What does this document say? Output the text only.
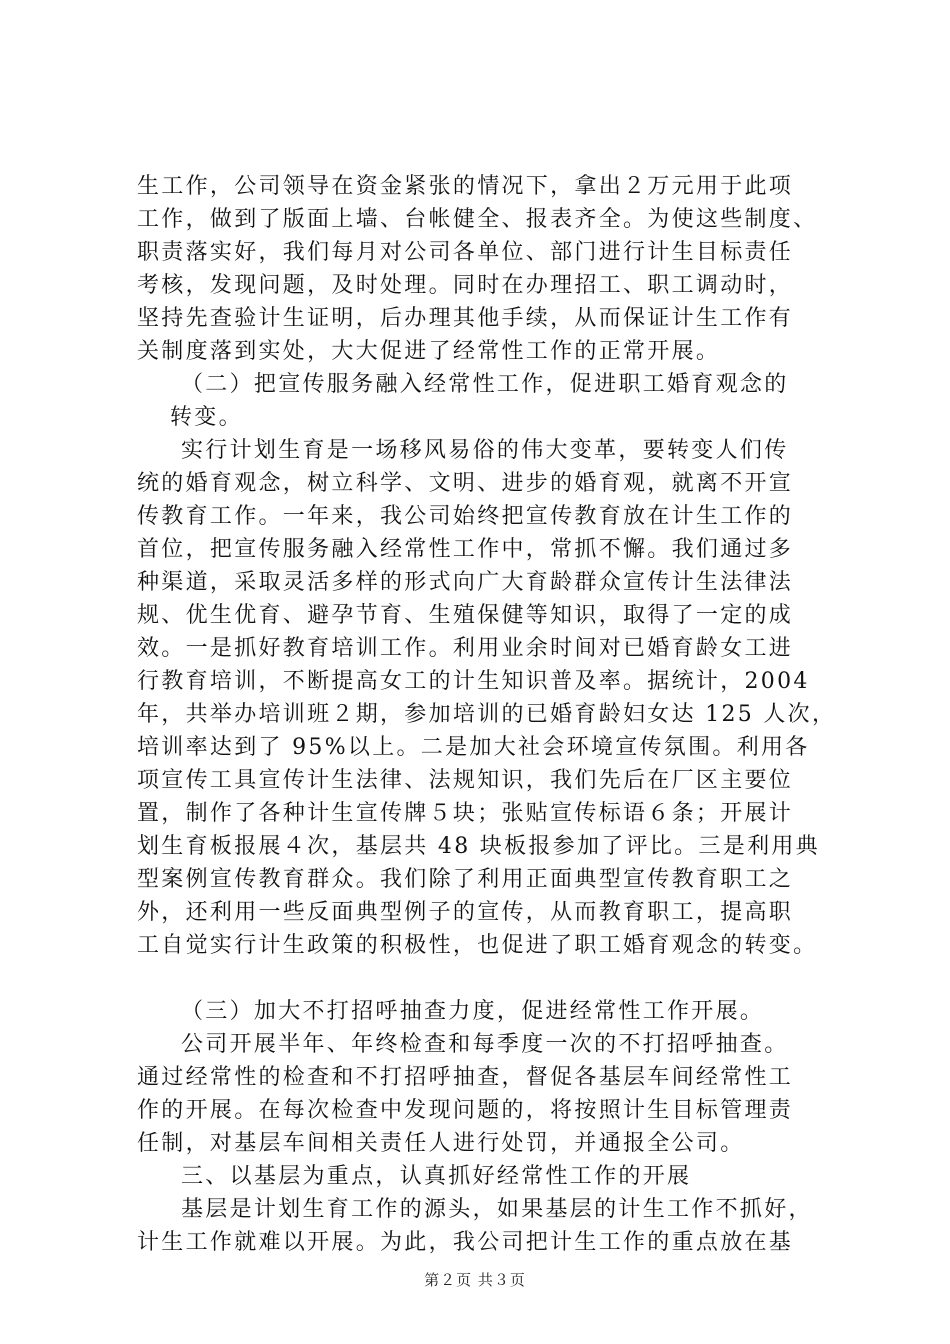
生工作，公司领导在资金紧张的情况下，拿出２万元用于此项
工作，做到了版面上墙、台帐健全、报表齐全。为使这些制度、
职责落实好，我们每月对公司各单位、部门进行计生目标责任
考核，发现问题，及时处理。同时在办理招工、职工调动时，
坚持先查验计生证明，后办理其他手续，从而保证计生工作有
关制度落到实处，大大促进了经常性工作的正常开展。
（二）把宣传服务融入经常性工作，促进职工婚育观念的
转变。
实行计划生育是一场移风易俗的伟大变革，要转变人们传
统的婚育观念，树立科学、文明、进步的婚育观，就离不开宣
传教育工作。一年来，我公司始终把宣传教育放在计生工作的
首位，把宣传服务融入经常性工作中，常抓不懈。我们通过多
种渠道，采取灵活多样的形式向广大育龄群众宣传计生法律法
规、优生优育、避孕节育、生殖保健等知识，取得了一定的成
效。一是抓好教育培训工作。利用业余时间对已婚育龄女工进
行教育培训，不断提高女工的计生知识普及率。据统计，2004
年，共举办培训班２期，参加培训的已婚育龄妇女达 125 人次，
培训率达到了 95%以上。二是加大社会环境宣传氛围。利用各
项宣传工具宣传计生法律、法规知识，我们先后在厂区主要位
置，制作了各种计生宣传牌５块；张贴宣传标语６条；开展计
划生育板报展４次，基层共 48 块板报参加了评比。三是利用典
型案例宣传教育群众。我们除了利用正面典型宣传教育职工之
外，还利用一些反面典型例子的宣传，从而教育职工，提高职
工自觉实行计生政策的积极性，也促进了职工婚育观念的转变。
（三）加大不打招呼抽查力度，促进经常性工作开展。
公司开展半年、年终检查和每季度一次的不打招呼抽查。
通过经常性的检查和不打招呼抽查，督促各基层车间经常性工
作的开展。在每次检查中发现问题的，将按照计生目标管理责
任制，对基层车间相关责任人进行处罚，并通报全公司。
三、以基层为重点，认真抓好经常性工作的开展
基层是计划生育工作的源头，如果基层的计生工作不抓好，
计生工作就难以开展。为此，我公司把计生工作的重点放在基
第２页 共３页
